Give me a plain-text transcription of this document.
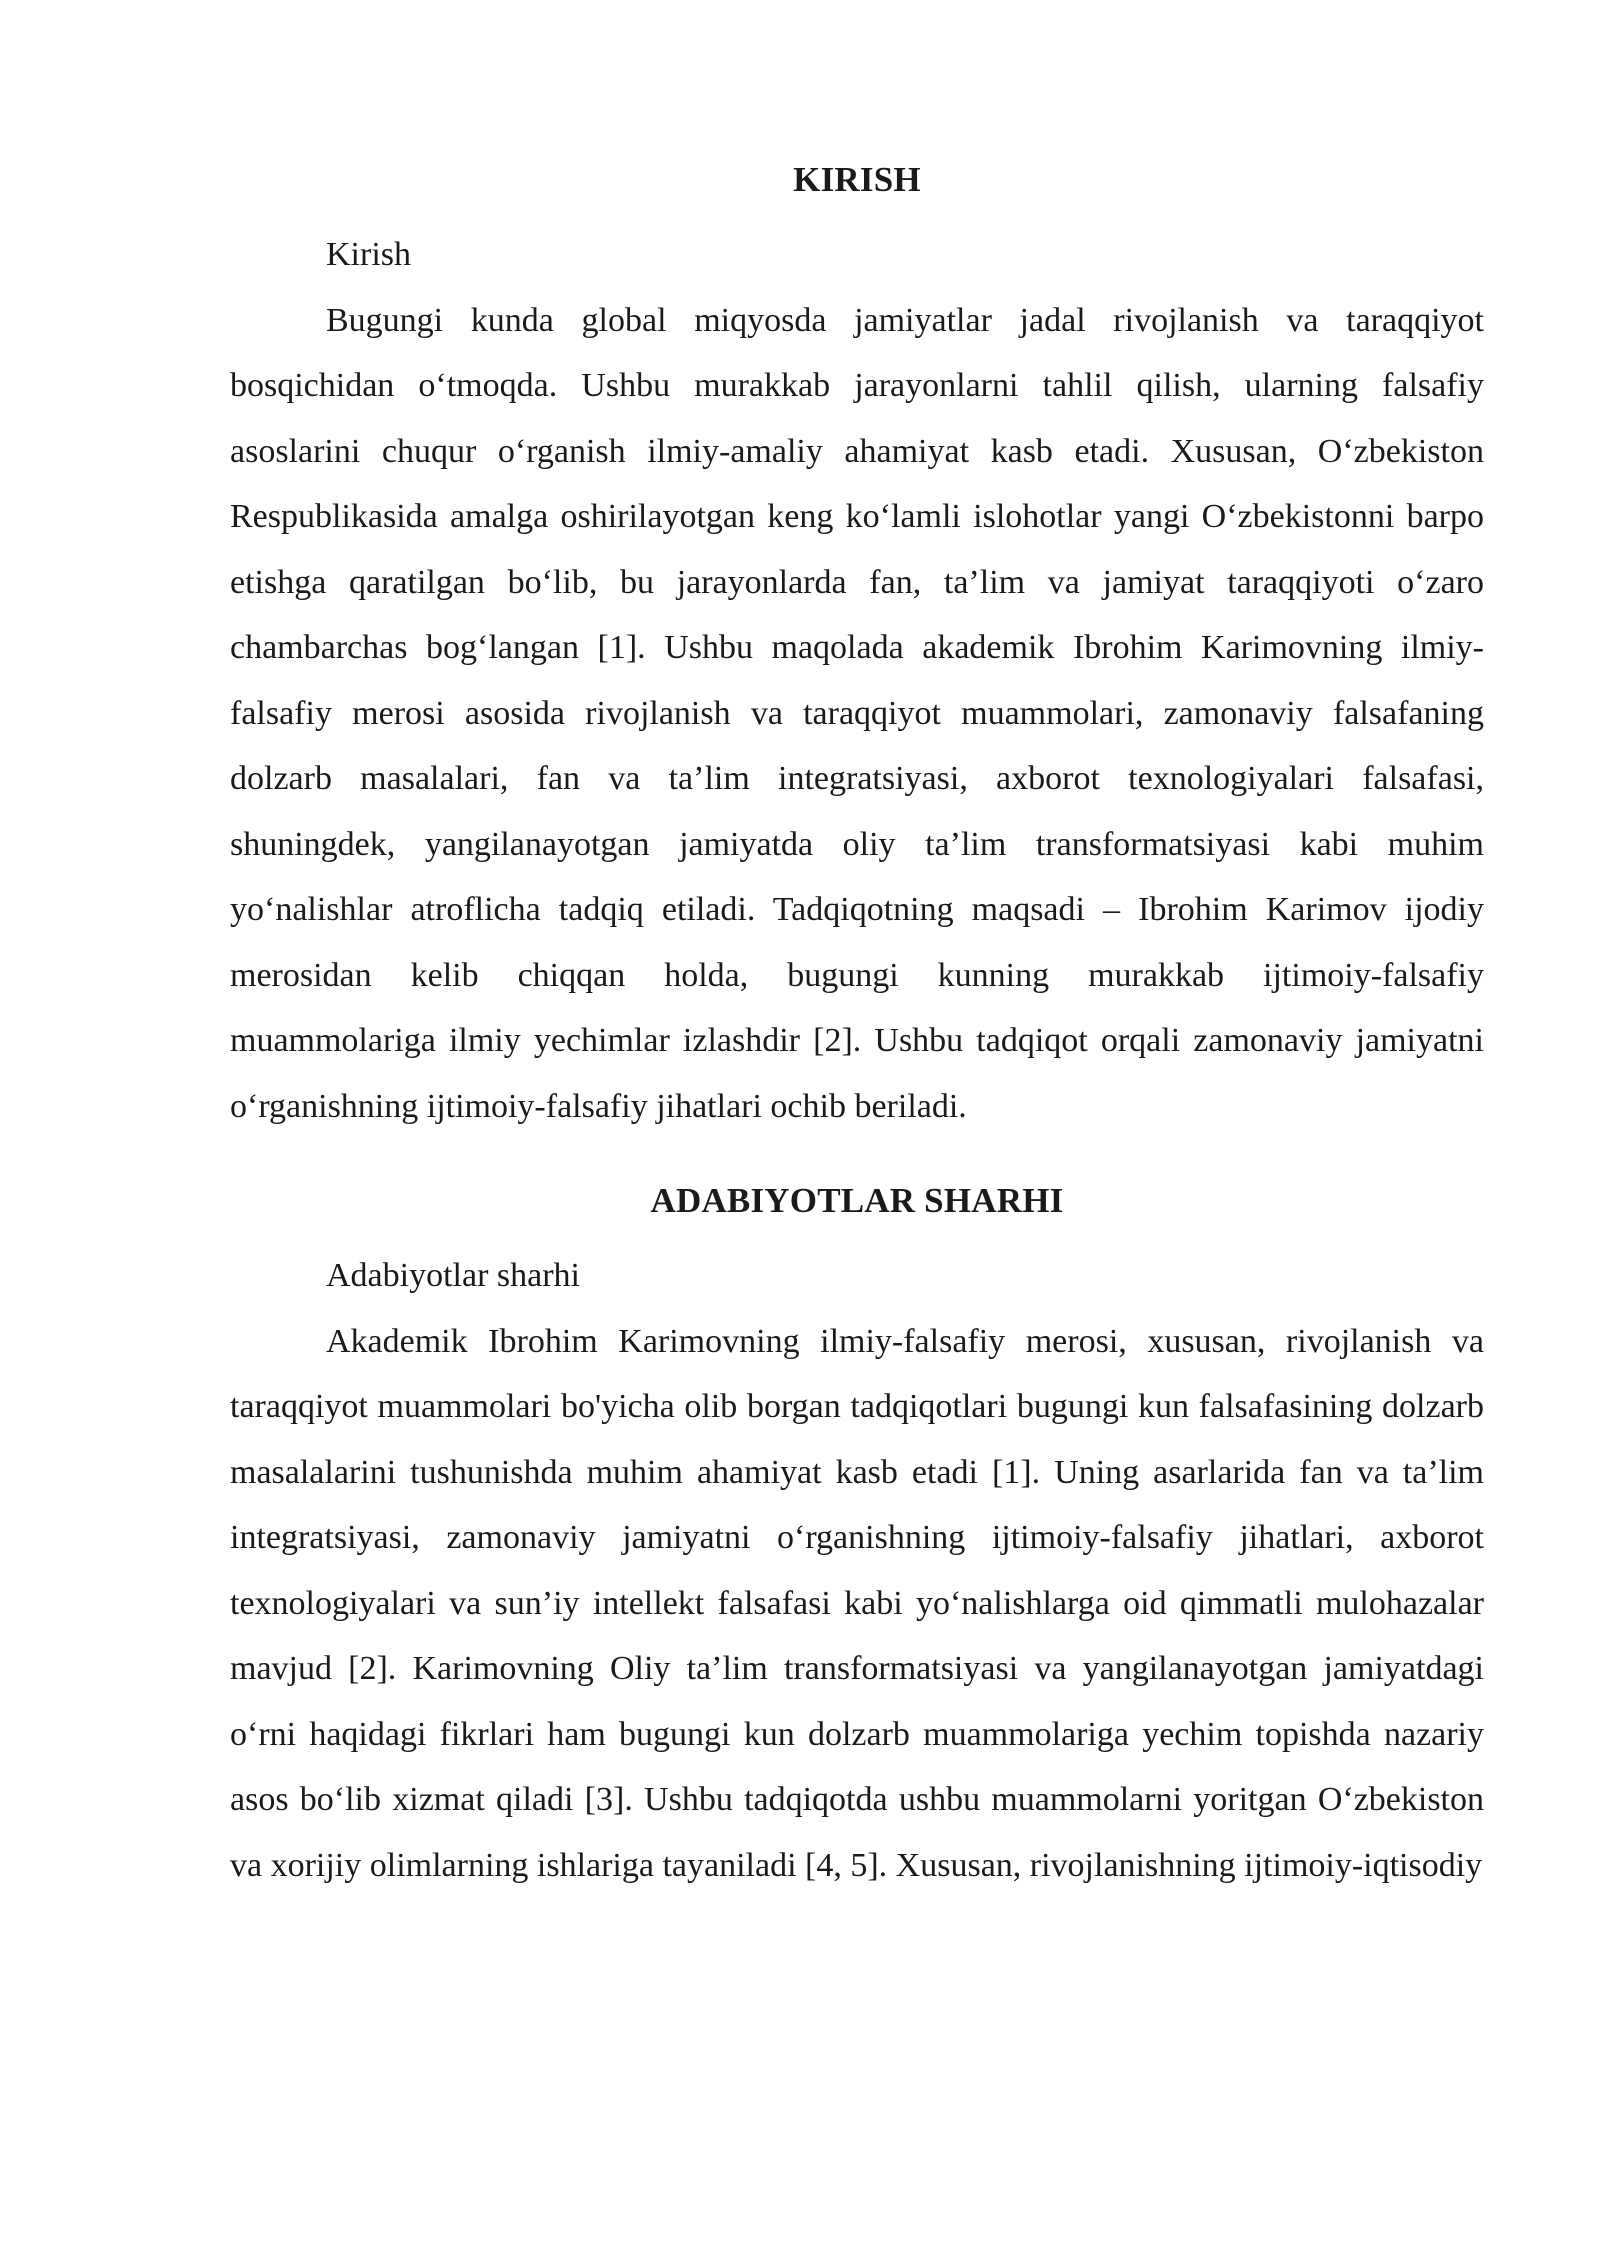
KIRISH

Kirish

Bugungi kunda global miqyosda jamiyatlar jadal rivojlanish va taraqqiyot bosqichidan o‘tmoqda. Ushbu murakkab jarayonlarni tahlil qilish, ularning falsafiy asoslarini chuqur o‘rganish ilmiy-amaliy ahamiyat kasb etadi. Xususan, O‘zbekiston Respublikasida amalga oshirilayotgan keng ko‘lamli islohotlar yangi O‘zbekistonni barpo etishga qaratilgan bo‘lib, bu jarayonlarda fan, ta’lim va jamiyat taraqqiyoti o‘zaro chambarchas bog‘langan [1]. Ushbu maqolada akademik Ibrohim Karimovning ilmiy-falsafiy merosi asosida rivojlanish va taraqqiyot muammolari, zamonaviy falsafaning dolzarb masalalari, fan va ta’lim integratsiyasi, axborot texnologiyalari falsafasi, shuningdek, yangilanayotgan jamiyatda oliy ta’lim transformatsiyasi kabi muhim yo‘nalishlar atroflicha tadqiq etiladi. Tadqiqotning maqsadi – Ibrohim Karimov ijodiy merosidan kelib chiqqan holda, bugungi kunning murakkab ijtimoiy-falsafiy muammolariga ilmiy yechimlar izlashdir [2]. Ushbu tadqiqot orqali zamonaviy jamiyatni o‘rganishning ijtimoiy-falsafiy jihatlari ochib beriladi.

ADABIYOTLAR SHARHI

Adabiyotlar sharhi

Akademik Ibrohim Karimovning ilmiy-falsafiy merosi, xususan, rivojlanish va taraqqiyot muammolari bo'yicha olib borgan tadqiqotlari bugungi kun falsafasining dolzarb masalalarini tushunishda muhim ahamiyat kasb etadi [1]. Uning asarlarida fan va ta’lim integratsiyasi, zamonaviy jamiyatni o‘rganishning ijtimoiy-falsafiy jihatlari, axborot texnologiyalari va sun’iy intellekt falsafasi kabi yo‘nalishlarga oid qimmatli mulohazalar mavjud [2]. Karimovning Oliy ta’lim transformatsiyasi va yangilanayotgan jamiyatdagi o‘rni haqidagi fikrlari ham bugungi kun dolzarb muammolariga yechim topishda nazariy asos bo‘lib xizmat qiladi [3]. Ushbu tadqiqotda ushbu muammolarni yoritgan O‘zbekiston va xorijiy olimlarning ishlariga tayaniladi [4, 5]. Xususan, rivojlanishning ijtimoiy-iqtisodiy
